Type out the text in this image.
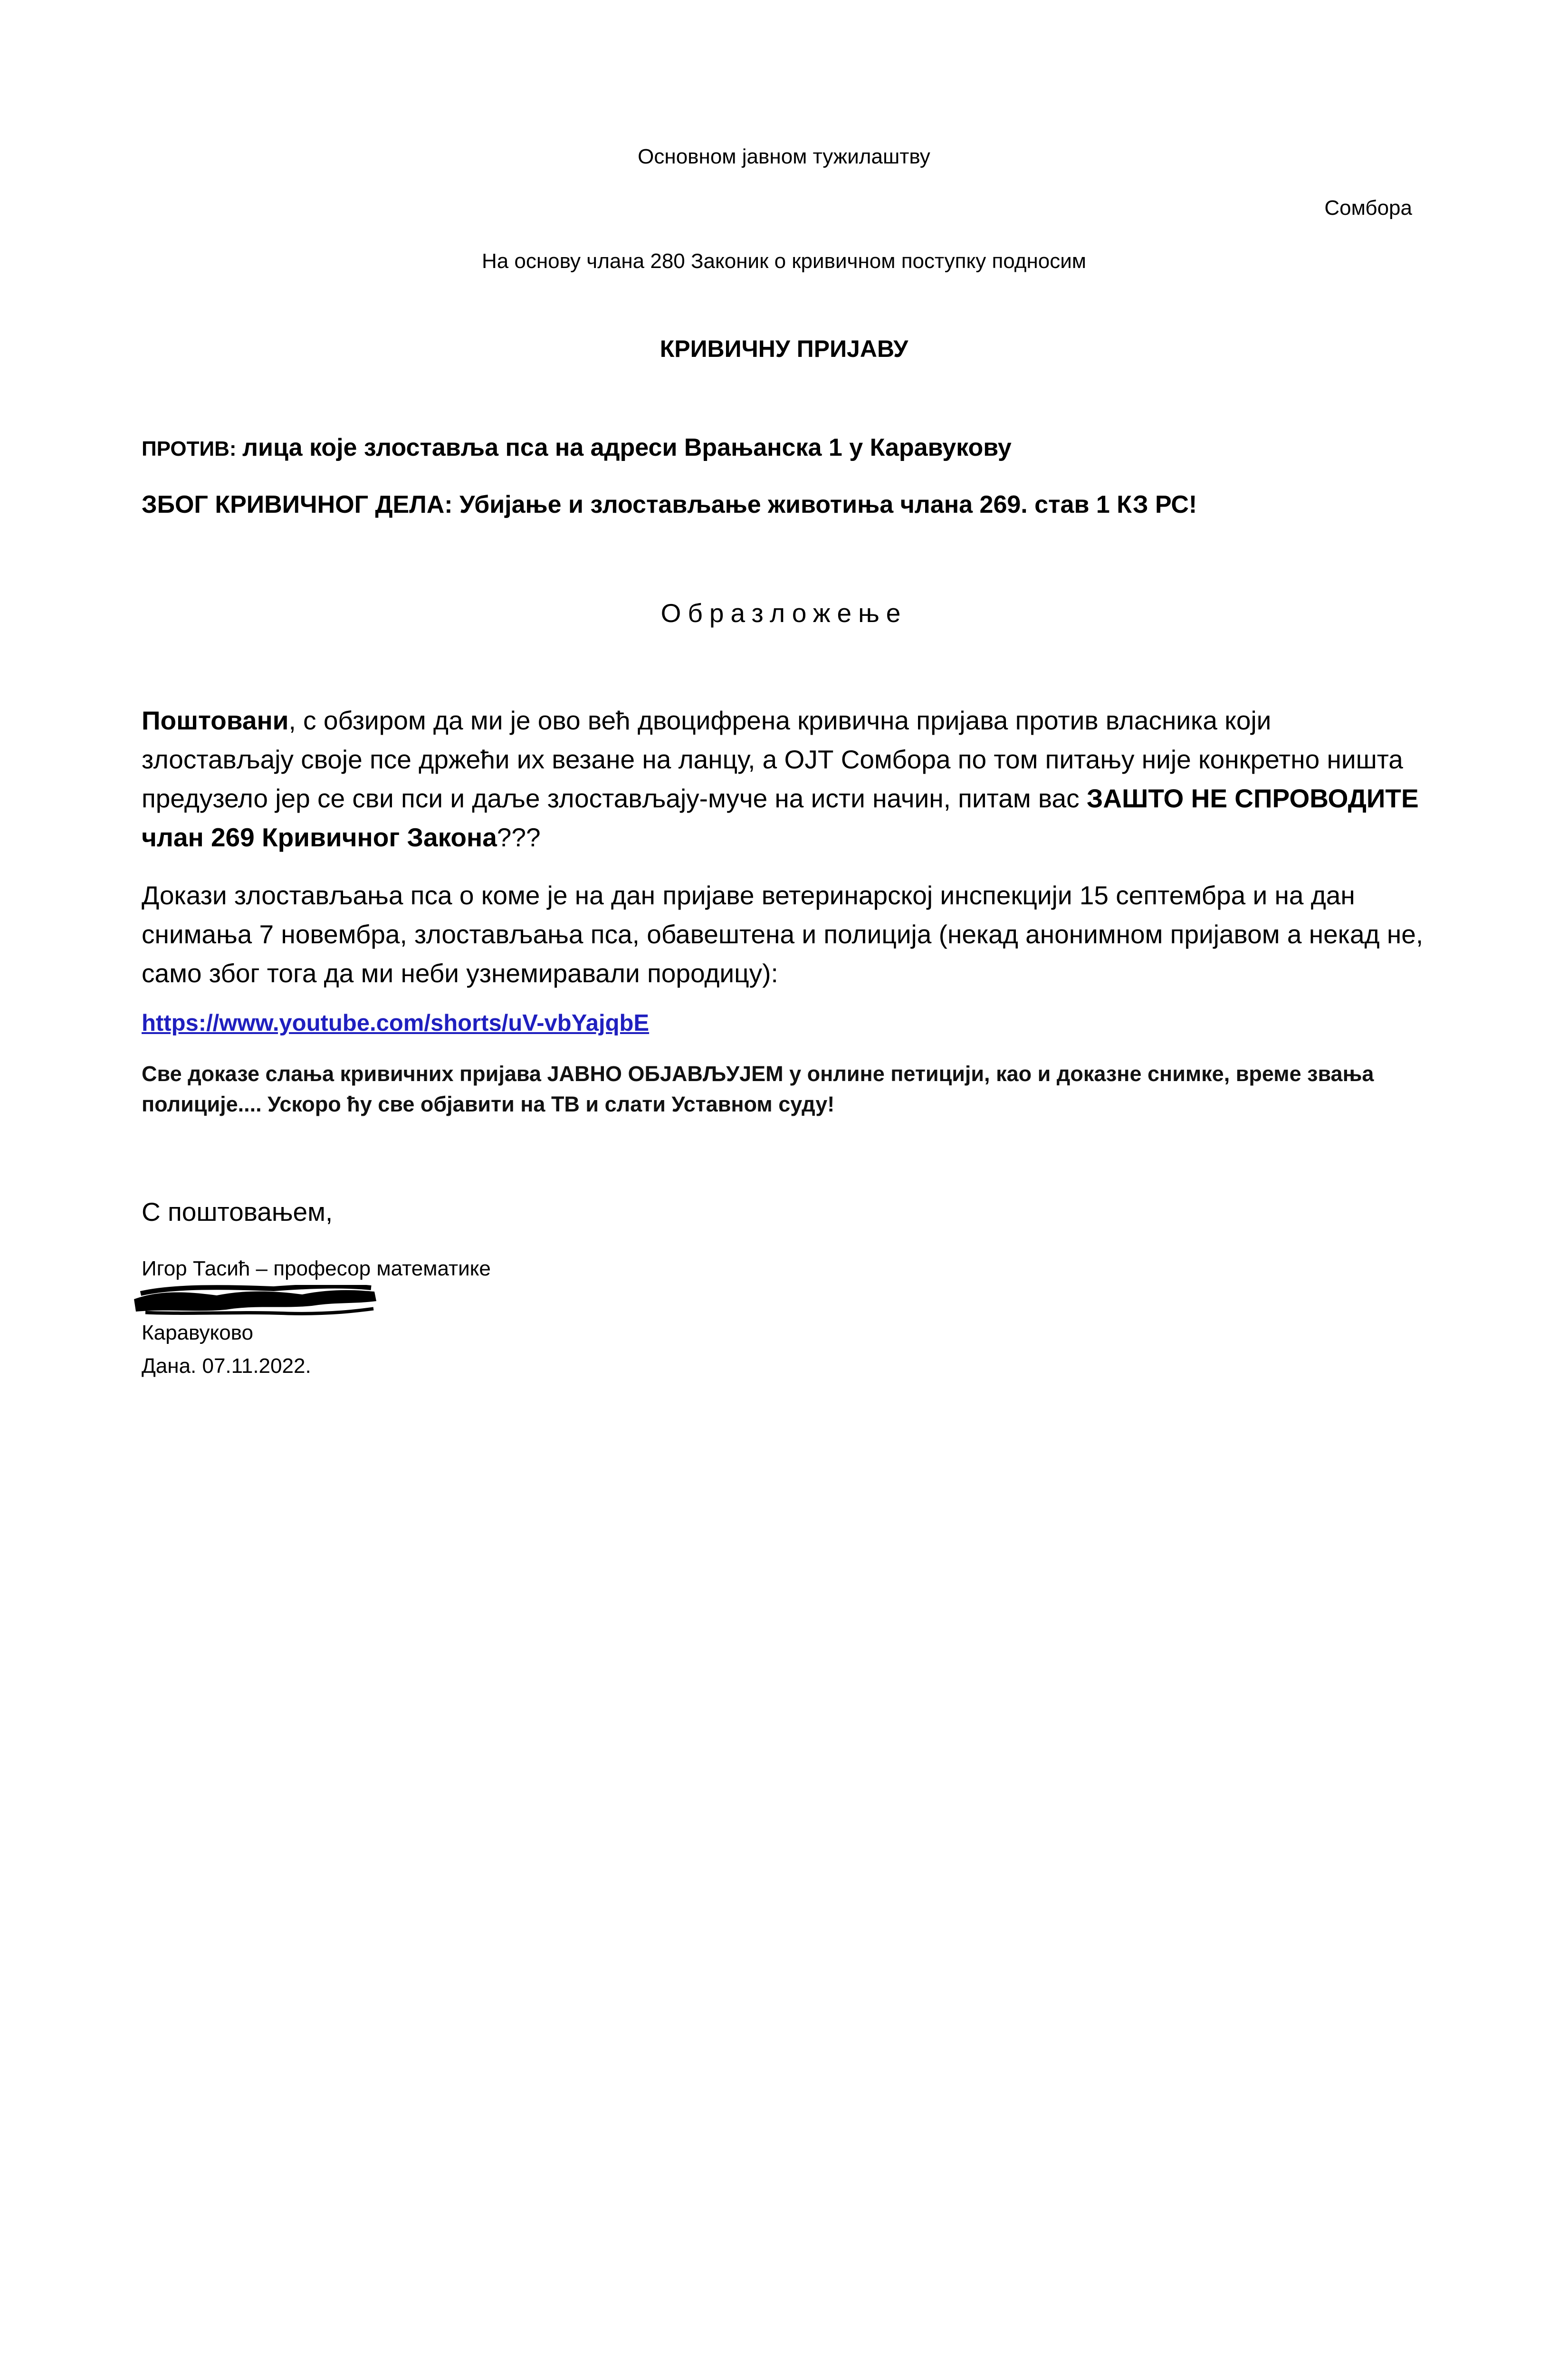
Основном јавном тужилаштву
Сомбора
На основу члана 280 Законик о кривичном поступку подносим
КРИВИЧНУ ПРИЈАВУ
ПРОТИВ: лица које злоставља пса на адреси Врањанска 1 у Каравукову
ЗБОГ КРИВИЧНОГ ДЕЛА: Убијање и злостављање животиња члана 269. став 1 КЗ РС!
Образложење
Поштовани, с обзиром да ми је ово већ двоцифрена кривична пријава против власника који злостављају своје псе држећи их везане на ланцу, а ОЈТ Сомбора по том питању није конкретно ништа предузело јер се сви пси и даље злостављају-муче на исти начин, питам вас ЗАШТО НЕ СПРОВОДИТЕ члан 269 Кривичног Закона???
Докази злостављања пса о коме је на дан пријаве ветеринарској инспекцији 15 септембра и на дан снимања 7 новембра, злостављања пса, обавештена и полиција (некад анонимном пријавом а некад не, само због тога да ми неби узнемиравали породицу):
https://www.youtube.com/shorts/uV-vbYajqbE
Све доказе слања кривичних пријава ЈАВНО ОБЈАВЉУЈЕМ у онлине петицији, као и доказне снимке, време звања полиције.... Ускоро ћу све објавити на ТВ и слати Уставном суду!
С поштовањем,
Игор Тасић – професор математике
Каравуково
Дана. 07.11.2022.
